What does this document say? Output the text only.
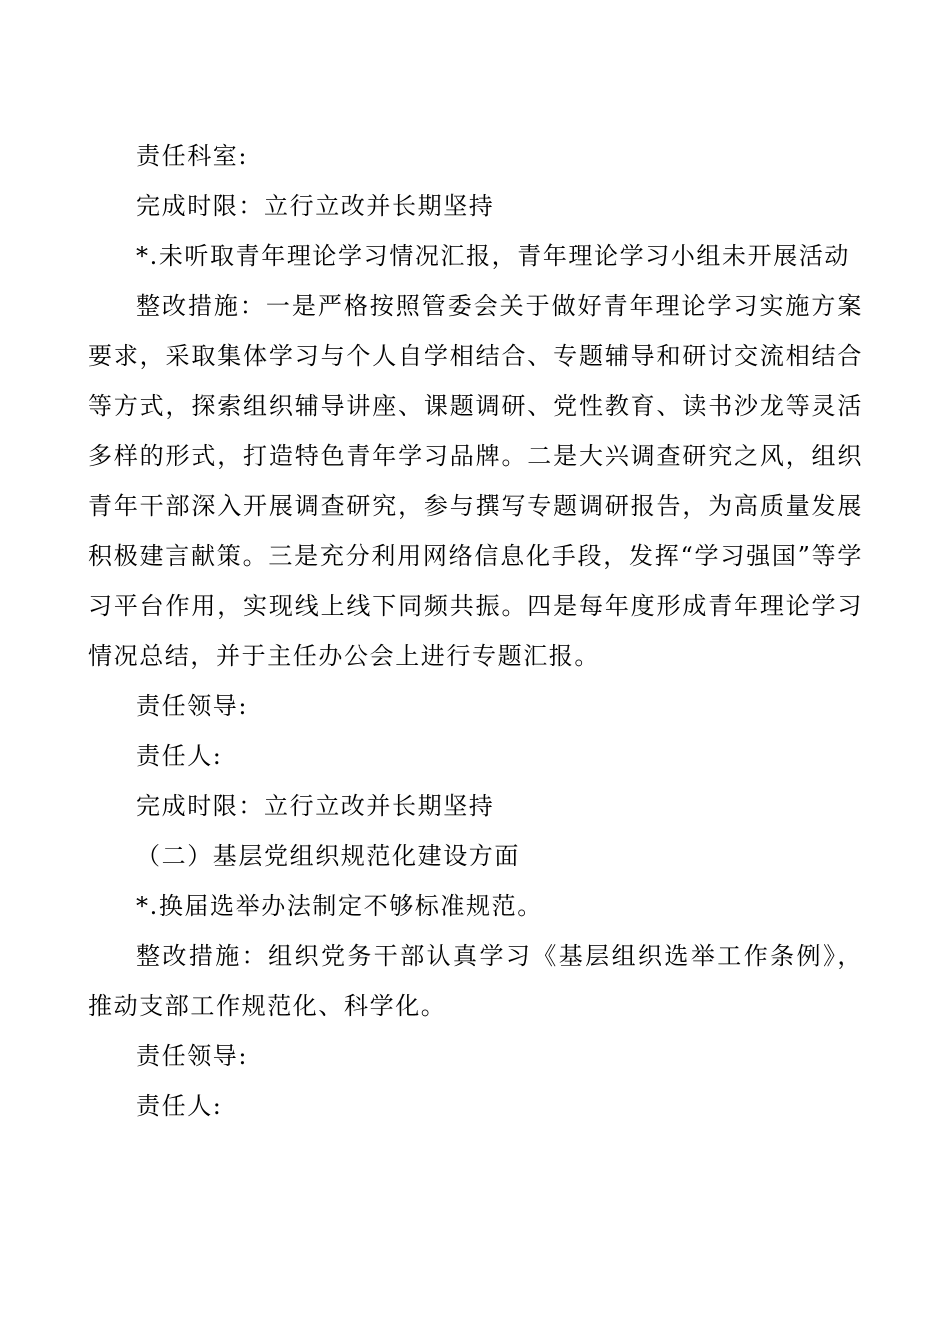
责任科室:

完成时限：立行立改并长期坚持

*.未听取青年理论学习情况汇报，青年理论学习小组未开展活动

整改措施：一是严格按照管委会关于做好青年理论学习实施方案要求，采取集体学习与个人自学相结合、专题辅导和研讨交流相结合等方式，探索组织辅导讲座、课题调研、党性教育、读书沙龙等灵活多样的形式，打造特色青年学习品牌。二是大兴调查研究之风，组织青年干部深入开展调查研究，参与撰写专题调研报告，为高质量发展积极建言献策。三是充分利用网络信息化手段，发挥“学习强国”等学习平台作用，实现线上线下同频共振。四是每年度形成青年理论学习情况总结，并于主任办公会上进行专题汇报。

责任领导:

责任人:

完成时限：立行立改并长期坚持

（二）基层党组织规范化建设方面

*.换届选举办法制定不够标准规范。

整改措施：组织党务干部认真学习《基层组织选举工作条例》，推动支部工作规范化、科学化。

责任领导:

责任人:
